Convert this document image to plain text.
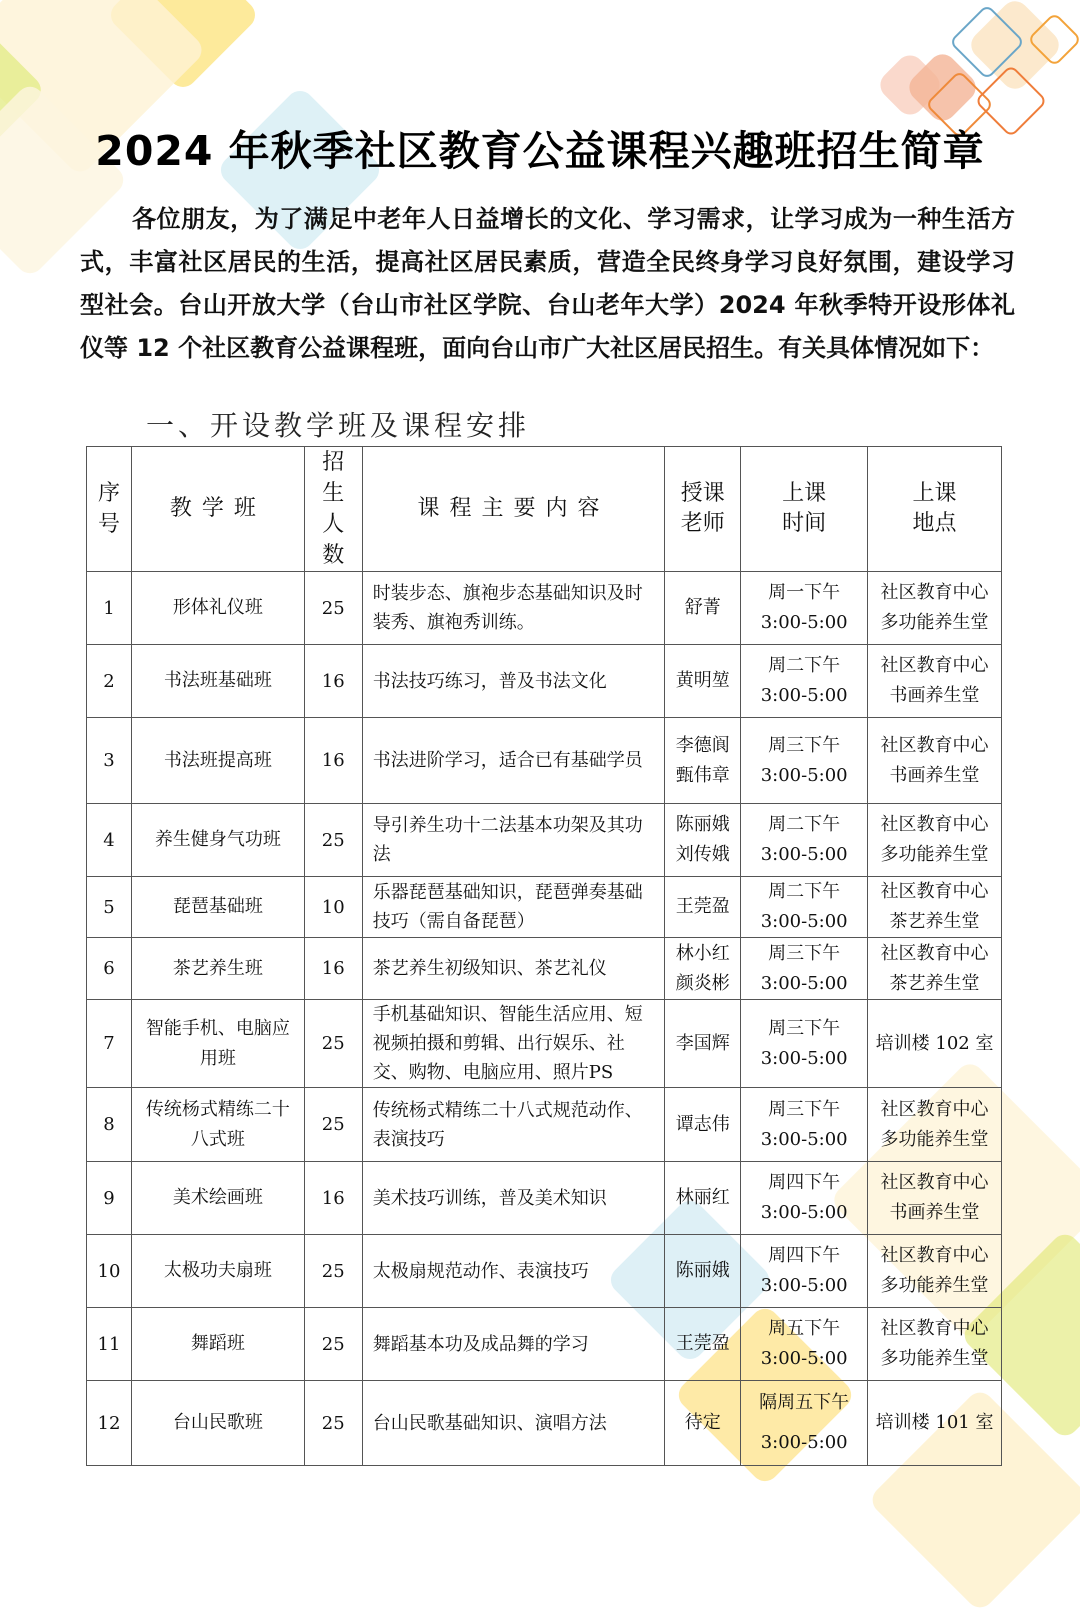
2024 年秋季社区教育公益课程兴趣班招生简章

各位朋友，为了满足中老年人日益增长的文化、学习需求，让学习成为一种生活方式，丰富社区居民的生活，提高社区居民素质，营造全民终身学习良好氛围，建设学习型社会。台山开放大学（台山市社区学院、台山老年大学）2024 年秋季特开设形体礼仪等 12 个社区教育公益课程班，面向台山市广大社区居民招生。有关具体情况如下：

一、开设教学班及课程安排
序
号	教学班	招
生
人
数	课程主要内容	授课
老师	上课
时间	上课
地点

1	形体礼仪班	25	时装步态、旗袍步态基础知识及时装秀、旗袍秀训练。	舒菁	周一下午
3:00-5:00	社区教育中心
多功能养生堂

2	书法班基础班	16	书法技巧练习，普及书法文化	黄明堃	周二下午
3:00-5:00	社区教育中心
书画养生堂

3	书法班提高班	16	书法进阶学习，适合已有基础学员	李德阆
甄伟章	周三下午
3:00-5:00	社区教育中心
书画养生堂

4	养生健身气功班	25	导引养生功十二法基本功架及其功法	陈丽娥
刘传娥	周二下午
3:00-5:00	社区教育中心
多功能养生堂

5	琵琶基础班	10	乐器琵琶基础知识，琵琶弹奏基础技巧（需自备琵琶）	王莞盈	周二下午
3:00-5:00	社区教育中心
茶艺养生堂

6	茶艺养生班	16	茶艺养生初级知识、茶艺礼仪	林小红
颜炎彬	周三下午
3:00-5:00	社区教育中心
茶艺养生堂

7	智能手机、电脑应
用班	25	手机基础知识、智能生活应用、短视频拍摄和剪辑、出行娱乐、社交、购物、电脑应用、照片PS	李国辉	周三下午
3:00-5:00	培训楼 102 室

8	传统杨式精练二十
八式班	25	传统杨式精练二十八式规范动作、表演技巧	谭志伟	周三下午
3:00-5:00	社区教育中心
多功能养生堂

9	美术绘画班	16	美术技巧训练，普及美术知识	林丽红	周四下午
3:00-5:00	社区教育中心
书画养生堂

10	太极功夫扇班	25	太极扇规范动作、表演技巧	陈丽娥	周四下午
3:00-5:00	社区教育中心
多功能养生堂

11	舞蹈班	25	舞蹈基本功及成品舞的学习	王莞盈	周五下午
3:00-5:00	社区教育中心
多功能养生堂

12	台山民歌班	25	台山民歌基础知识、演唱方法	待定	隔周五下午
3:00-5:00	培训楼 101 室
